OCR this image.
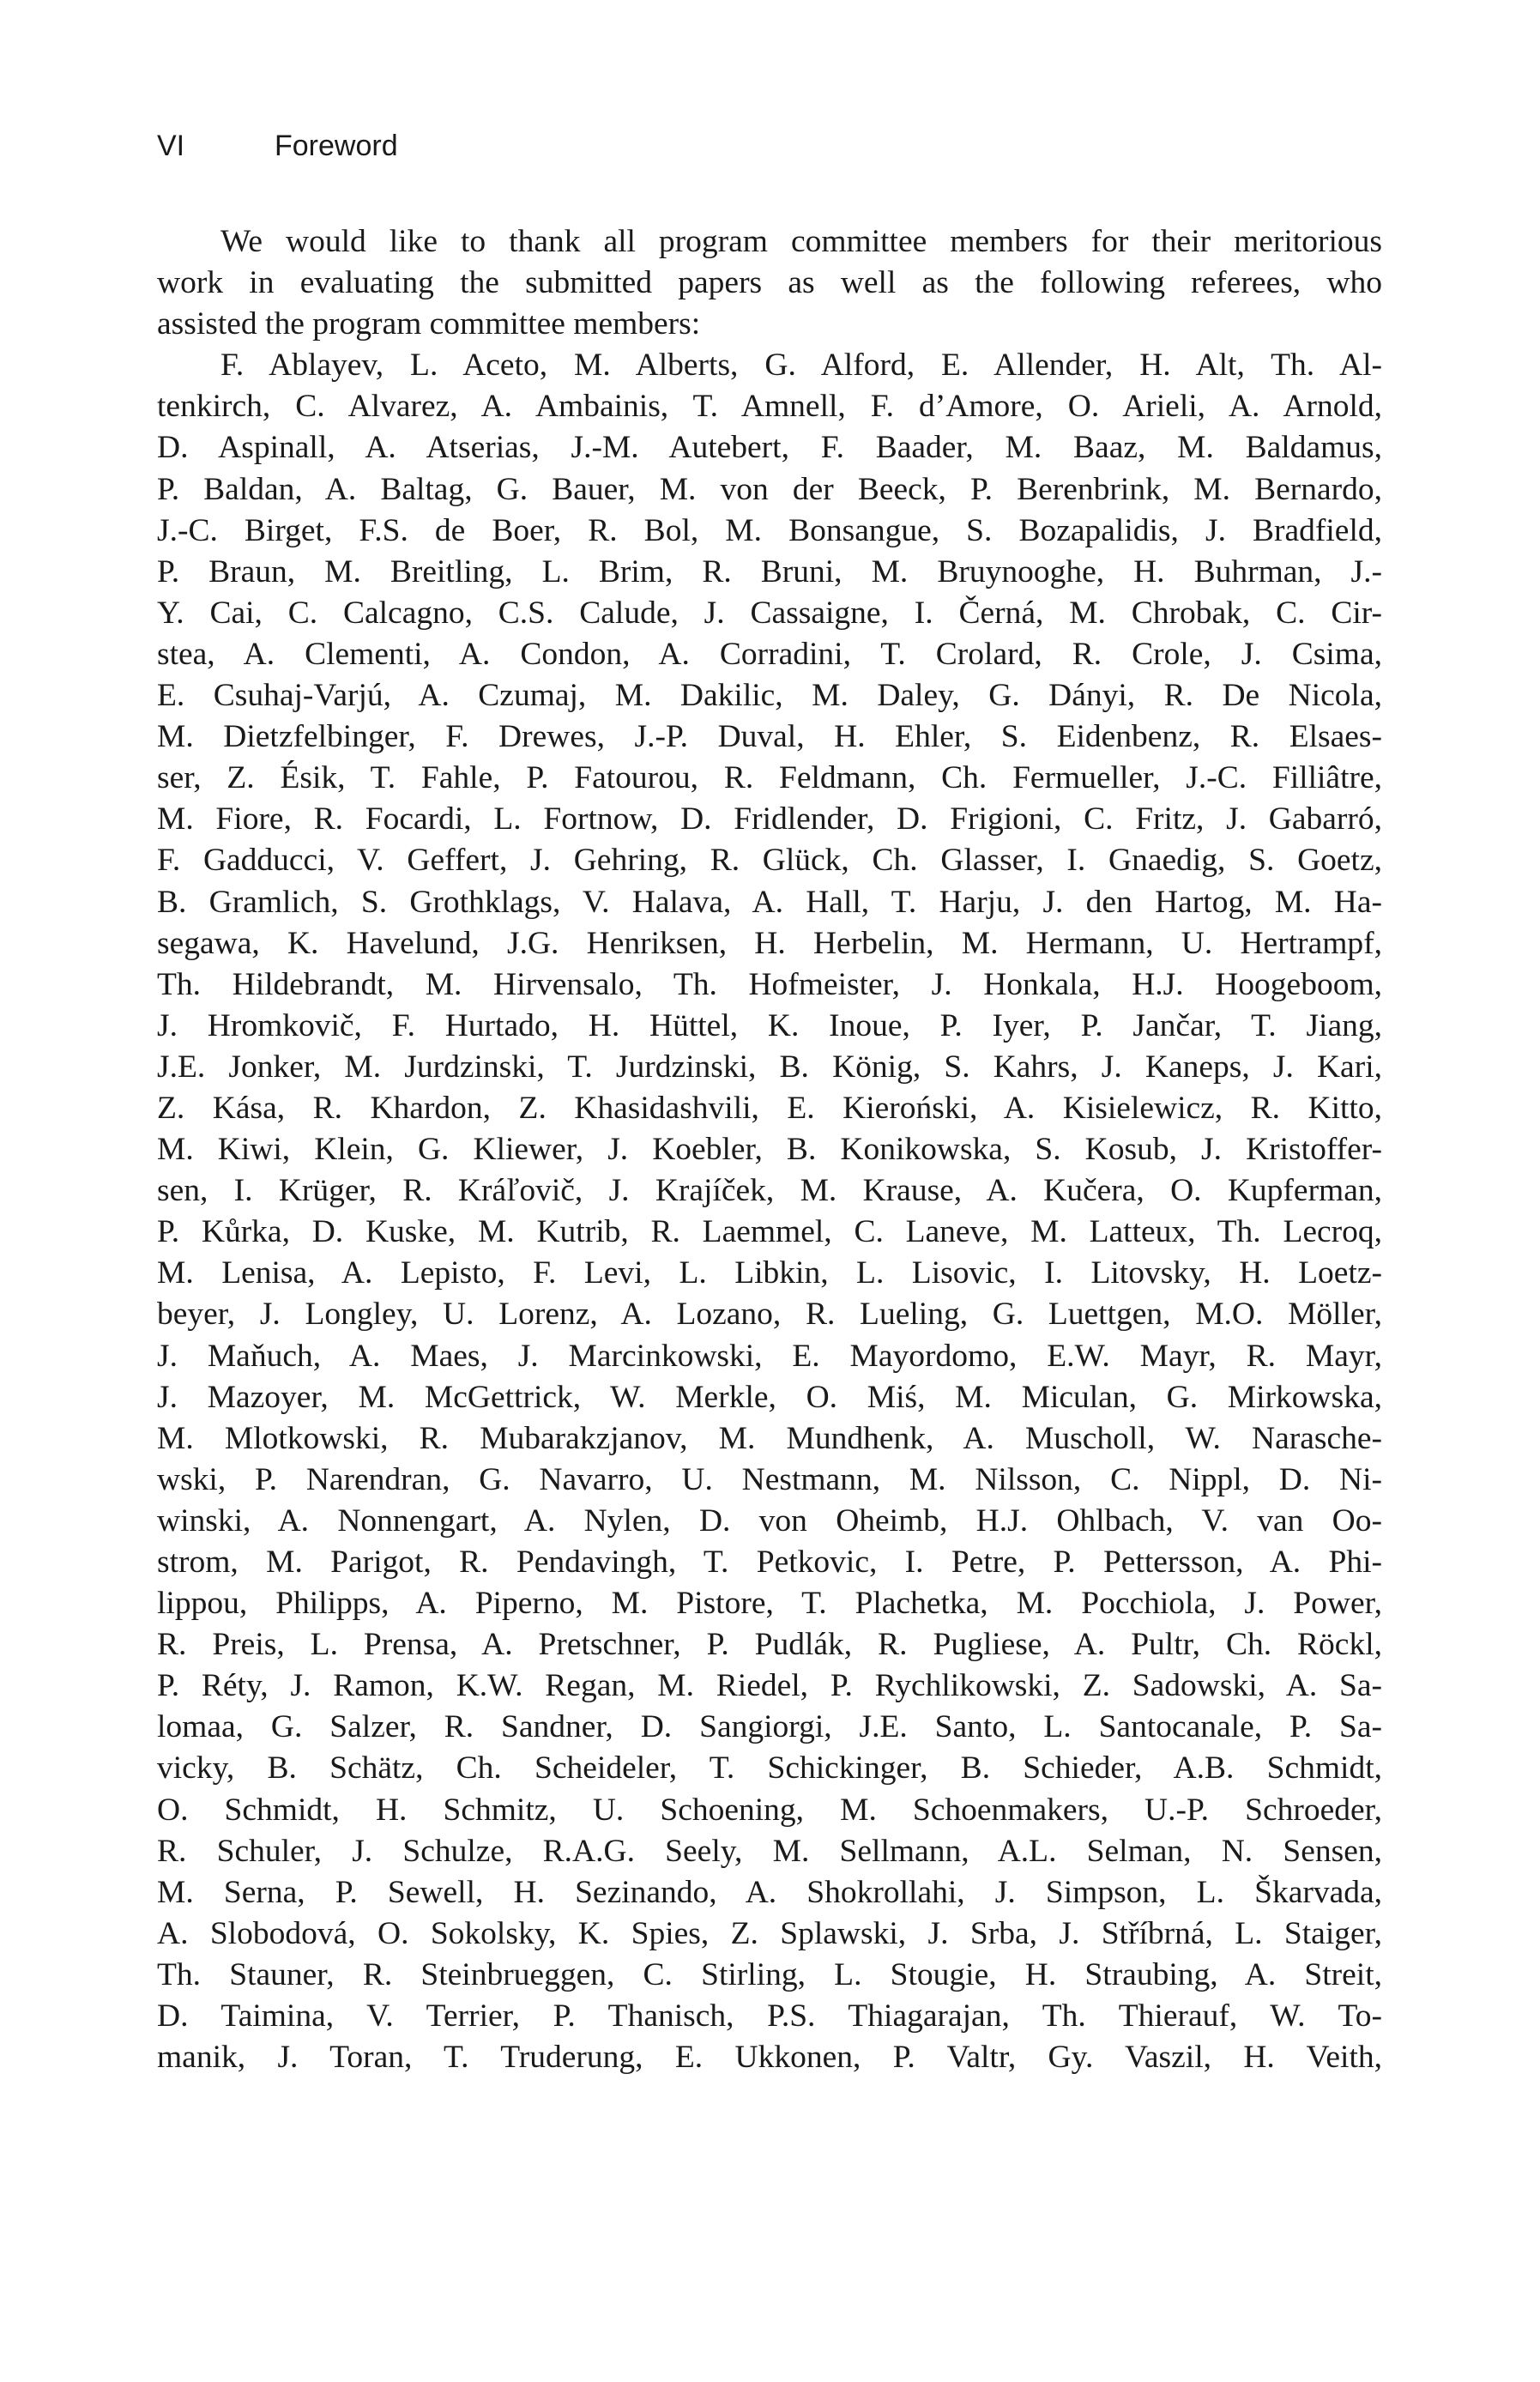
VI	Foreword
We would like to thank all program committee members for their meritorious
work in evaluating the submitted papers as well as the following referees, who
assisted the program committee members:
F. Ablayev, L. Aceto, M. Alberts, G. Alford, E. Allender, H. Alt, Th. Al-
tenkirch, C. Alvarez, A. Ambainis, T. Amnell, F. d’Amore, O. Arieli, A. Arnold,
D. Aspinall, A. Atserias, J.-M. Autebert, F. Baader, M. Baaz, M. Baldamus,
P. Baldan, A. Baltag, G. Bauer, M. von der Beeck, P. Berenbrink, M. Bernardo,
J.-C. Birget, F.S. de Boer, R. Bol, M. Bonsangue, S. Bozapalidis, J. Bradfield,
P. Braun, M. Breitling, L. Brim, R. Bruni, M. Bruynooghe, H. Buhrman, J.-
Y. Cai, C. Calcagno, C.S. Calude, J. Cassaigne, I. Černá, M. Chrobak, C. Cir-
stea, A. Clementi, A. Condon, A. Corradini, T. Crolard, R. Crole, J. Csima,
E. Csuhaj-Varjú, A. Czumaj, M. Dakilic, M. Daley, G. Dányi, R. De Nicola,
M. Dietzfelbinger, F. Drewes, J.-P. Duval, H. Ehler, S. Eidenbenz, R. Elsaes-
ser, Z. Ésik, T. Fahle, P. Fatourou, R. Feldmann, Ch. Fermueller, J.-C. Filliâtre,
M. Fiore, R. Focardi, L. Fortnow, D. Fridlender, D. Frigioni, C. Fritz, J. Gabarró,
F. Gadducci, V. Geffert, J. Gehring, R. Glück, Ch. Glasser, I. Gnaedig, S. Goetz,
B. Gramlich, S. Grothklags, V. Halava, A. Hall, T. Harju, J. den Hartog, M. Ha-
segawa, K. Havelund, J.G. Henriksen, H. Herbelin, M. Hermann, U. Hertrampf,
Th. Hildebrandt, M. Hirvensalo, Th. Hofmeister, J. Honkala, H.J. Hoogeboom,
J. Hromkovič, F. Hurtado, H. Hüttel, K. Inoue, P. Iyer, P. Jančar, T. Jiang,
J.E. Jonker, M. Jurdzinski, T. Jurdzinski, B. König, S. Kahrs, J. Kaneps, J. Kari,
Z. Kása, R. Khardon, Z. Khasidashvili, E. Kieroński, A. Kisielewicz, R. Kitto,
M. Kiwi, Klein, G. Kliewer, J. Koebler, B. Konikowska, S. Kosub, J. Kristoffer-
sen, I. Krüger, R. Kráľovič, J. Krajíček, M. Krause, A. Kučera, O. Kupferman,
P. Kůrka, D. Kuske, M. Kutrib, R. Laemmel, C. Laneve, M. Latteux, Th. Lecroq,
M. Lenisa, A. Lepisto, F. Levi, L. Libkin, L. Lisovic, I. Litovsky, H. Loetz-
beyer, J. Longley, U. Lorenz, A. Lozano, R. Lueling, G. Luettgen, M.O. Möller,
J. Maňuch, A. Maes, J. Marcinkowski, E. Mayordomo, E.W. Mayr, R. Mayr,
J. Mazoyer, M. McGettrick, W. Merkle, O. Miś, M. Miculan, G. Mirkowska,
M. Mlotkowski, R. Mubarakzjanov, M. Mundhenk, A. Muscholl, W. Narasche-
wski, P. Narendran, G. Navarro, U. Nestmann, M. Nilsson, C. Nippl, D. Ni-
winski, A. Nonnengart, A. Nylen, D. von Oheimb, H.J. Ohlbach, V. van Oo-
strom, M. Parigot, R. Pendavingh, T. Petkovic, I. Petre, P. Pettersson, A. Phi-
lippou, Philipps, A. Piperno, M. Pistore, T. Plachetka, M. Pocchiola, J. Power,
R. Preis, L. Prensa, A. Pretschner, P. Pudlák, R. Pugliese, A. Pultr, Ch. Röckl,
P. Réty, J. Ramon, K.W. Regan, M. Riedel, P. Rychlikowski, Z. Sadowski, A. Sa-
lomaa, G. Salzer, R. Sandner, D. Sangiorgi, J.E. Santo, L. Santocanale, P. Sa-
vicky, B. Schätz, Ch. Scheideler, T. Schickinger, B. Schieder, A.B. Schmidt,
O. Schmidt, H. Schmitz, U. Schoening, M. Schoenmakers, U.-P. Schroeder,
R. Schuler, J. Schulze, R.A.G. Seely, M. Sellmann, A.L. Selman, N. Sensen,
M. Serna, P. Sewell, H. Sezinando, A. Shokrollahi, J. Simpson, L. Škarvada,
A. Slobodová, O. Sokolsky, K. Spies, Z. Splawski, J. Srba, J. Stříbrná, L. Staiger,
Th. Stauner, R. Steinbrueggen, C. Stirling, L. Stougie, H. Straubing, A. Streit,
D. Taimina, V. Terrier, P. Thanisch, P.S. Thiagarajan, Th. Thierauf, W. To-
manik, J. Toran, T. Truderung, E. Ukkonen, P. Valtr, Gy. Vaszil, H. Veith,
